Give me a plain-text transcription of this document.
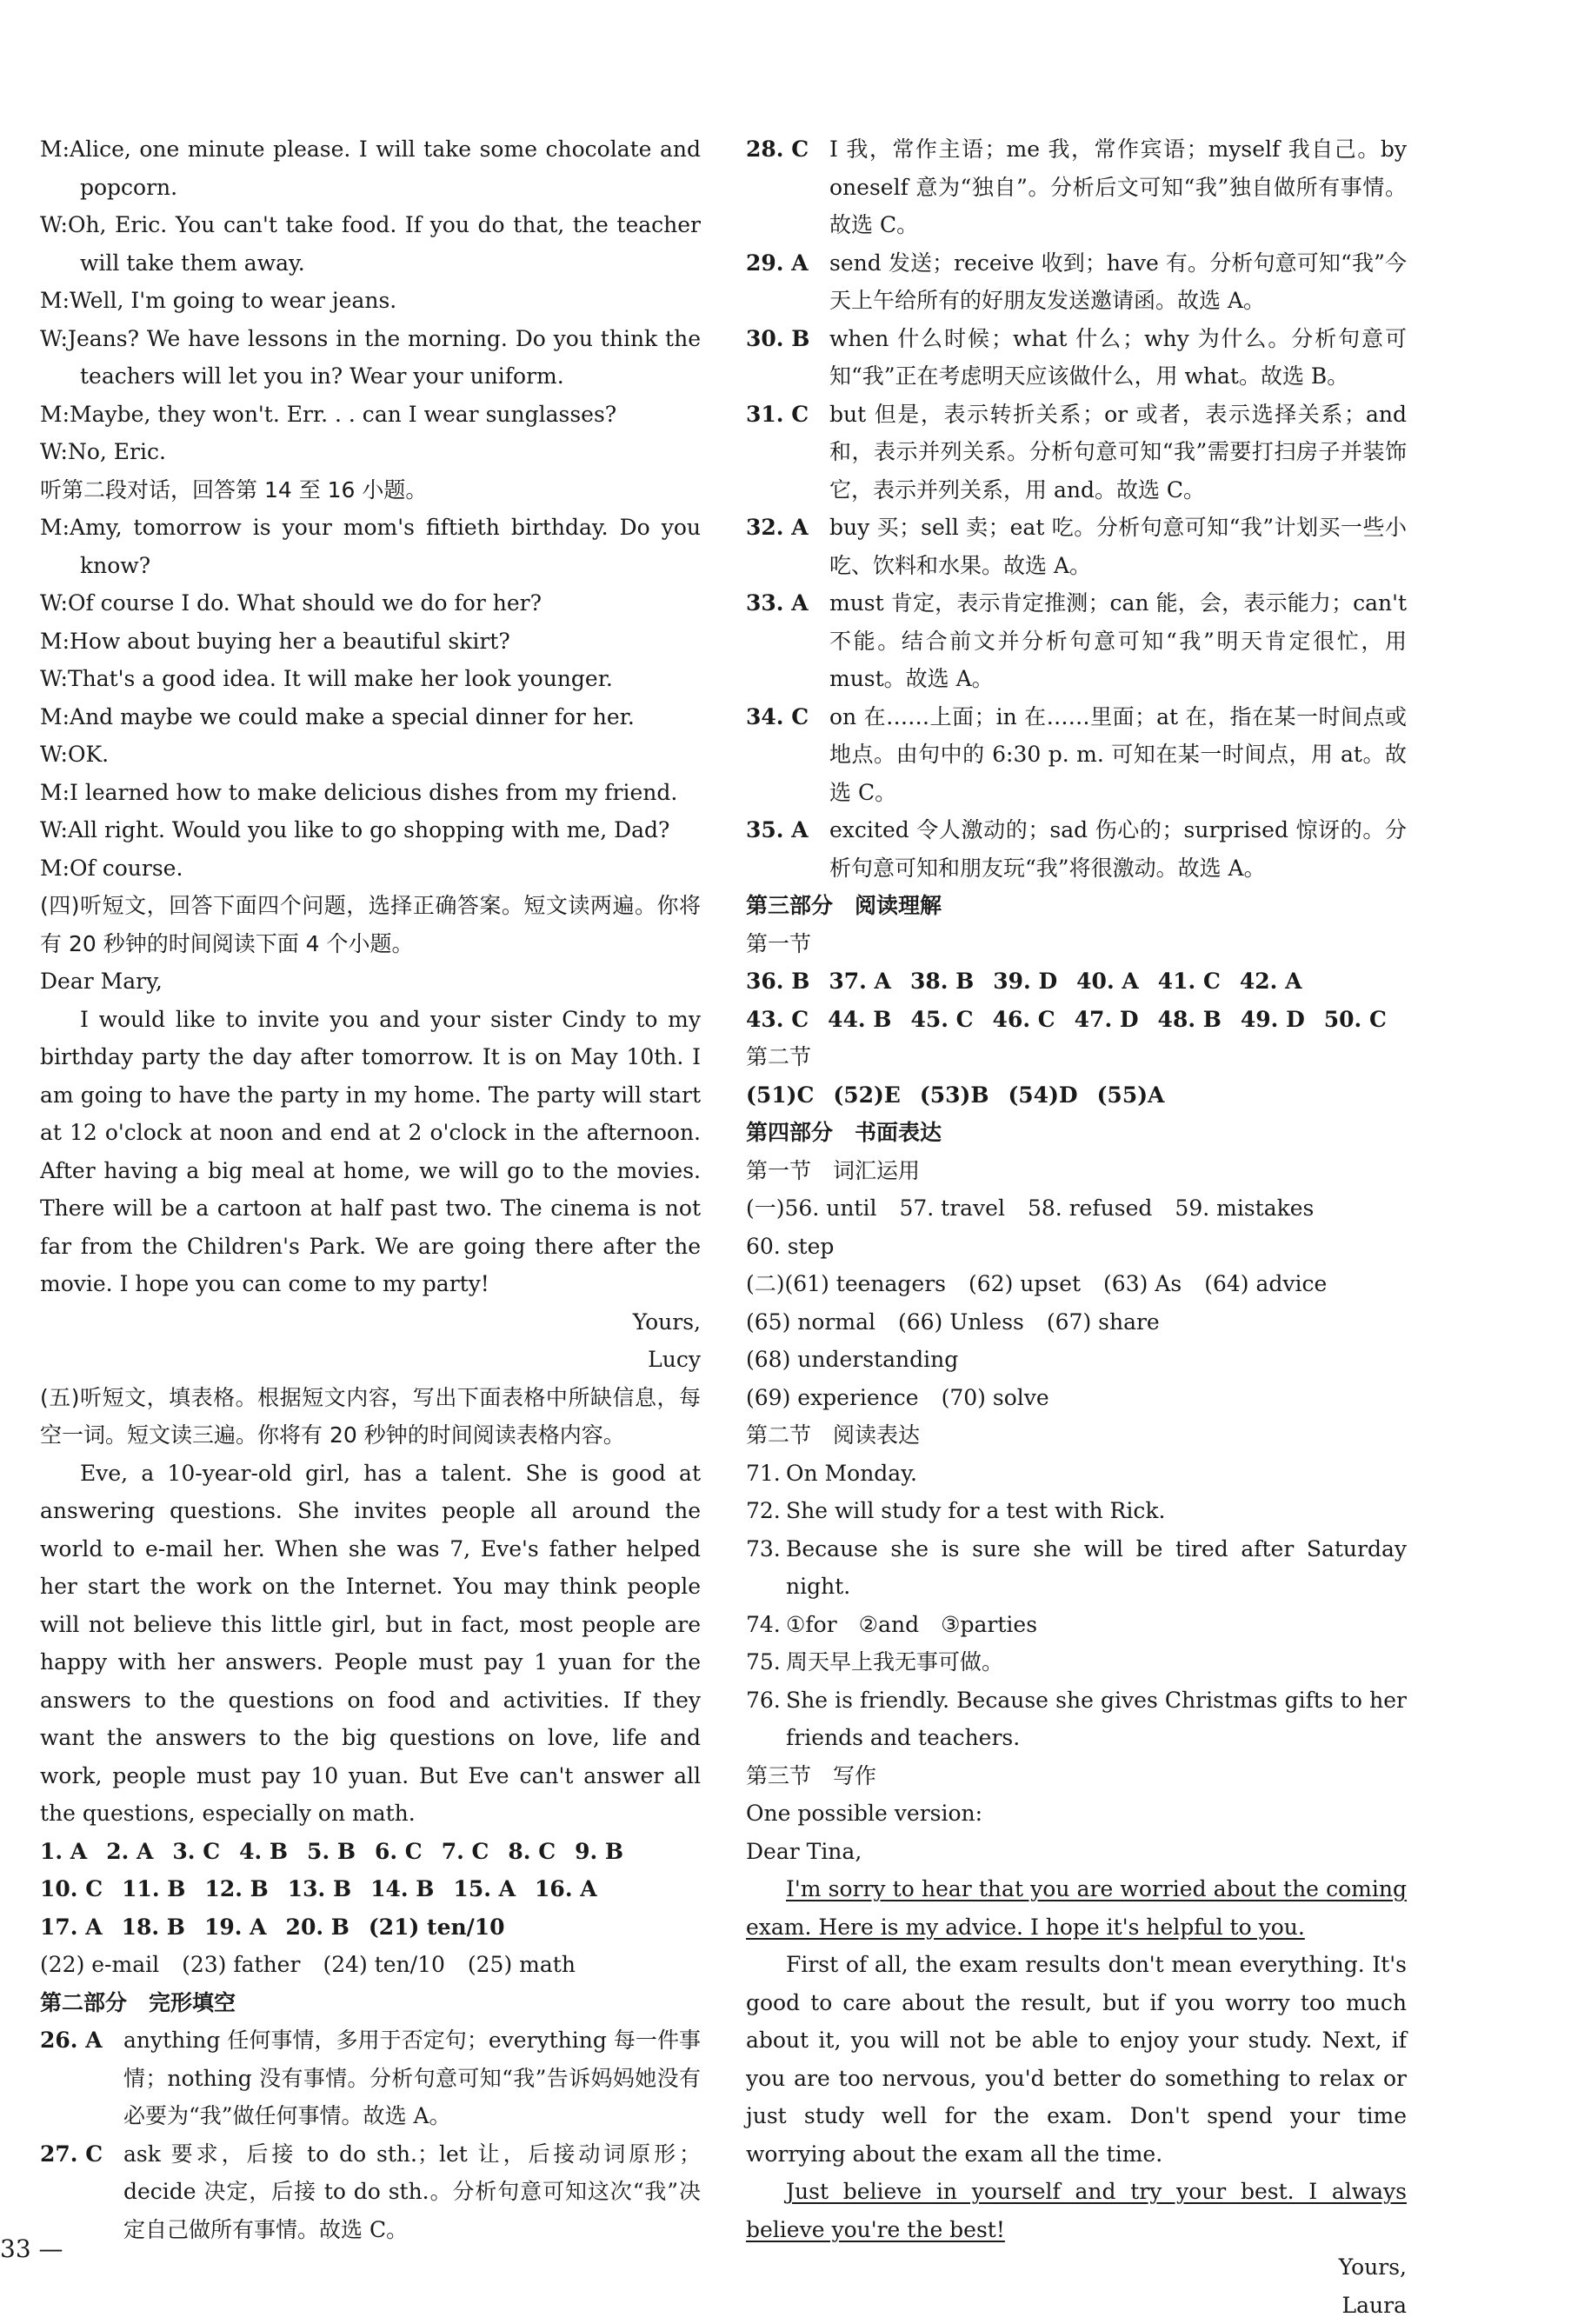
M:Alice, one minute please. I will take some chocolate and popcorn.

W:Oh, Eric. You can't take food. If you do that, the teacher will take them away.

M:Well, I'm going to wear jeans.

W:Jeans? We have lessons in the morning. Do you think the teachers will let you in? Wear your uniform.

M:Maybe, they won't. Err. . . can I wear sunglasses?

W:No, Eric.

听第二段对话，回答第 14 至 16 小题。

M:Amy, tomorrow is your mom's fiftieth birthday. Do you know?

W:Of course I do. What should we do for her?

M:How about buying her a beautiful skirt?

W:That's a good idea. It will make her look younger.

M:And maybe we could make a special dinner for her.

W:OK.

M:I learned how to make delicious dishes from my friend.

W:All right. Would you like to go shopping with me, Dad?

M:Of course.

(四)听短文，回答下面四个问题，选择正确答案。短文读两遍。你将有 20 秒钟的时间阅读下面 4 个小题。

Dear Mary,

I would like to invite you and your sister Cindy to my birthday party the day after tomorrow. It is on May 10th. I am going to have the party in my home. The party will start at 12 o'clock at noon and end at 2 o'clock in the afternoon. After having a big meal at home, we will go to the movies. There will be a cartoon at half past two. The cinema is not far from the Children's Park. We are going there after the movie. I hope you can come to my party!

Yours,

Lucy

(五)听短文，填表格。根据短文内容，写出下面表格中所缺信息，每空一词。短文读三遍。你将有 20 秒钟的时间阅读表格内容。

Eve, a 10-year-old girl, has a talent. She is good at answering questions. She invites people all around the world to e-mail her. When she was 7, Eve's father helped her start the work on the Internet. You may think people will not believe this little girl, but in fact, most people are happy with her answers. People must pay 1 yuan for the answers to the questions on food and activities. If they want the answers to the big questions on love, life and work, people must pay 10 yuan. But Eve can't answer all the questions, especially on math.

1. A 2. A 3. C 4. B 5. B 6. C 7. C 8. C 9. B
10. C 11. B 12. B 13. B 14. B 15. A 16. A
17. A 18. B 19. A 20. B (21) ten/10
(22) e-mail (23) father (24) ten/10 (25) math

第二部分　完形填空

26. A anything 任何事情，多用于否定句；everything 每一件事情；nothing 没有事情。分析句意可知“我”告诉妈妈她没有必要为“我”做任何事情。故选 A。
27. C ask 要求，后接 to do sth.；let 让，后接动词原形；decide 决定，后接 to do sth.。分析句意可知这次“我”决定自己做所有事情。故选 C。
28. C I 我，常作主语；me 我，常作宾语；myself 我自己。by oneself 意为“独自”。分析后文可知“我”独自做所有事情。故选 C。
29. A send 发送；receive 收到；have 有。分析句意可知“我”今天上午给所有的好朋友发送邀请函。故选 A。
30. B when 什么时候；what 什么；why 为什么。分析句意可知“我”正在考虑明天应该做什么，用 what。故选 B。
31. C but 但是，表示转折关系；or 或者，表示选择关系；and 和，表示并列关系。分析句意可知“我”需要打扫房子并装饰它，表示并列关系，用 and。故选 C。
32. A buy 买；sell 卖；eat 吃。分析句意可知“我”计划买一些小吃、饮料和水果。故选 A。
33. A must 肯定，表示肯定推测；can 能，会，表示能力；can't 不能。结合前文并分析句意可知“我”明天肯定很忙，用 must。故选 A。
34. C on 在……上面；in 在……里面；at 在，指在某一时间点或地点。由句中的 6:30 p. m. 可知在某一时间点，用 at。故选 C。
35. A excited 令人激动的；sad 伤心的；surprised 惊讶的。分析句意可知和朋友玩“我”将很激动。故选 A。

第三部分　阅读理解

第一节

36. B 37. A 38. B 39. D 40. A 41. C 42. A
43. C 44. B 45. C 46. C 47. D 48. B 49. D 50. C

第二节

(51)C (52)E (53)B (54)D (55)A

第四部分　书面表达

第一节　词汇运用

(一)56. until 57. travel 58. refused 59. mistakes
60. step
(二)(61) teenagers (62) upset (63) As (64) advice
(65) normal (66) Unless (67) share
(68) understanding
(69) experience (70) solve

第二节　阅读表达

71. On Monday.
72. She will study for a test with Rick.
73. Because she is sure she will be tired after Saturday night.
74. ①for　②and　③parties
75. 周天早上我无事可做。
76. She is friendly. Because she gives Christmas gifts to her friends and teachers.

第三节　写作

One possible version:

Dear Tina,

I'm sorry to hear that you are worried about the coming exam. Here is my advice. I hope it's helpful to you.

First of all, the exam results don't mean everything. It's good to care about the result, but if you worry too much about it, you will not be able to enjoy your study. Next, if you are too nervous, you'd better do something to relax or just study well for the exam. Don't spend your time worrying about the exam all the time.

Just believe in yourself and try your best. I always believe you're the best!

Yours,

Laura

33 —
